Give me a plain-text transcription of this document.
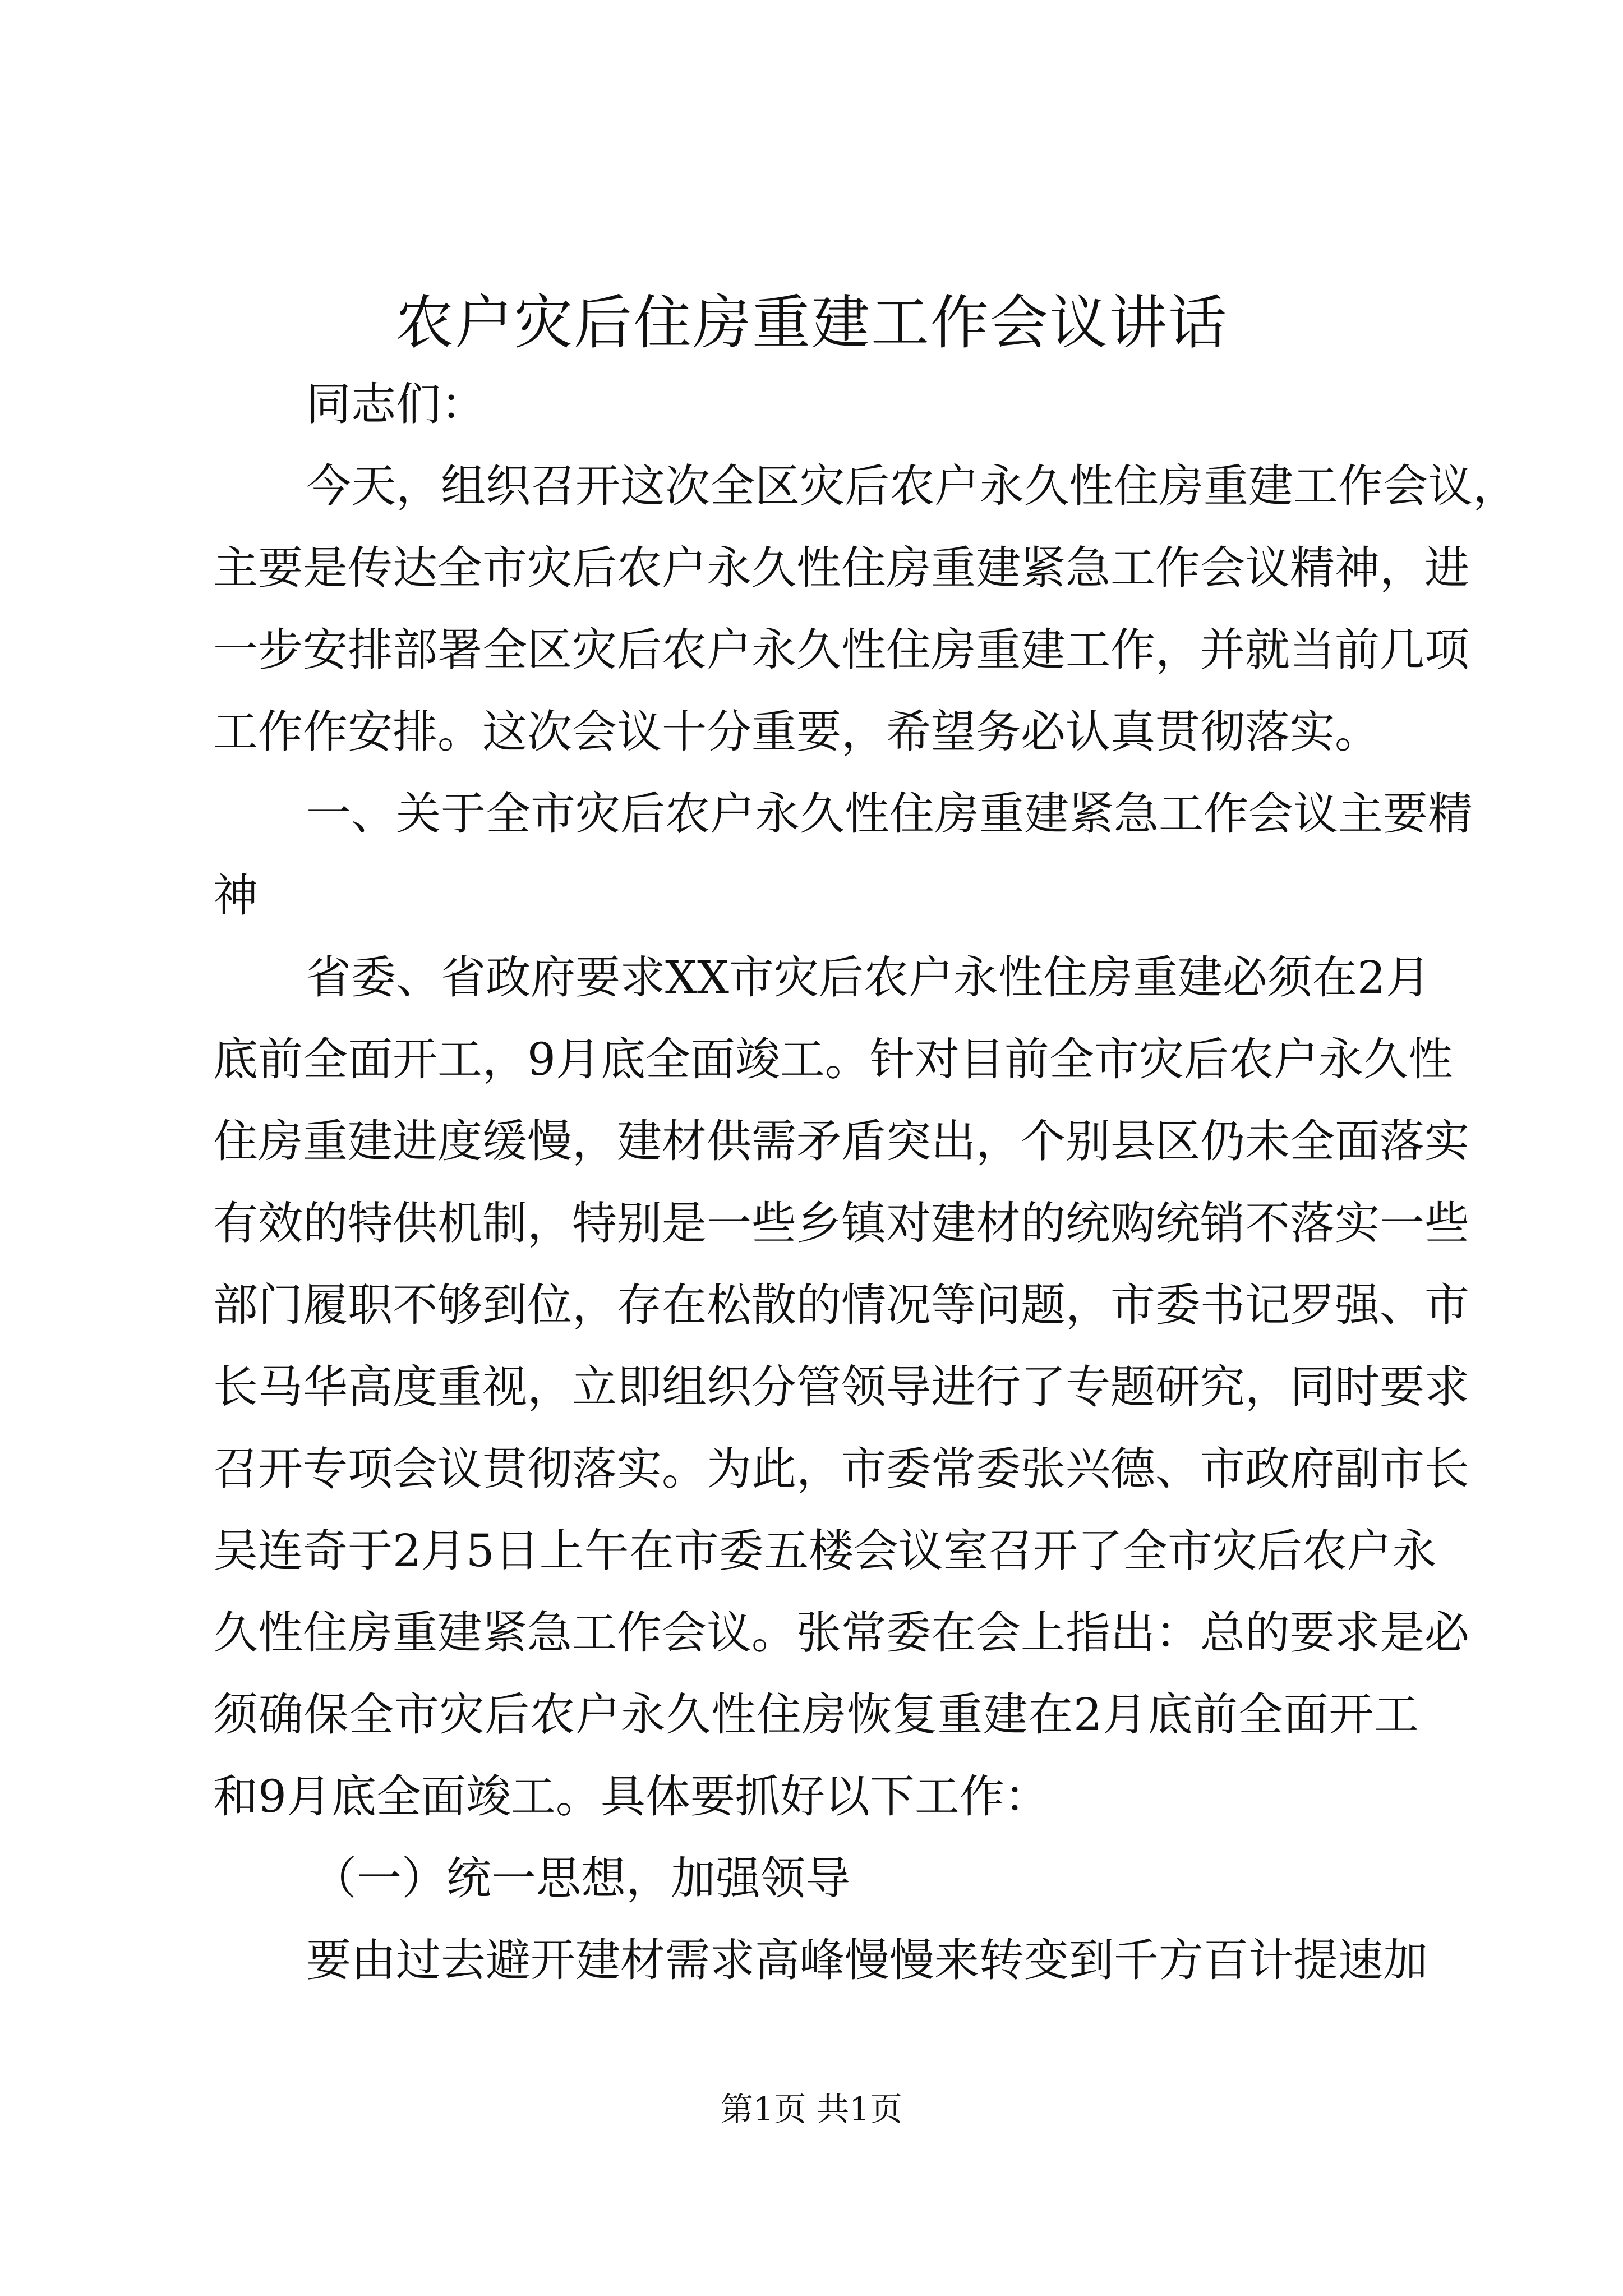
农户灾后住房重建工作会议讲话
同志们：
今天，组织召开这次全区灾后农户永久性住房重建工作会议，
主要是传达全市灾后农户永久性住房重建紧急工作会议精神，进
一步安排部署全区灾后农户永久性住房重建工作，并就当前几项
工作作安排。这次会议十分重要，希望务必认真贯彻落实。
一、关于全市灾后农户永久性住房重建紧急工作会议主要精
神
省委、省政府要求XX市灾后农户永性住房重建必须在2月
底前全面开工，9月底全面竣工。针对目前全市灾后农户永久性
住房重建进度缓慢，建材供需矛盾突出，个别县区仍未全面落实
有效的特供机制，特别是一些乡镇对建材的统购统销不落实一些
部门履职不够到位，存在松散的情况等问题，市委书记罗强、市
长马华高度重视，立即组织分管领导进行了专题研究，同时要求
召开专项会议贯彻落实。为此，市委常委张兴德、市政府副市长
吴连奇于2月5日上午在市委五楼会议室召开了全市灾后农户永
久性住房重建紧急工作会议。张常委在会上指出：总的要求是必
须确保全市灾后农户永久性住房恢复重建在2月底前全面开工
和9月底全面竣工。具体要抓好以下工作：
（一）统一思想，加强领导
要由过去避开建材需求高峰慢慢来转变到千方百计提速加
第1页 共1页
